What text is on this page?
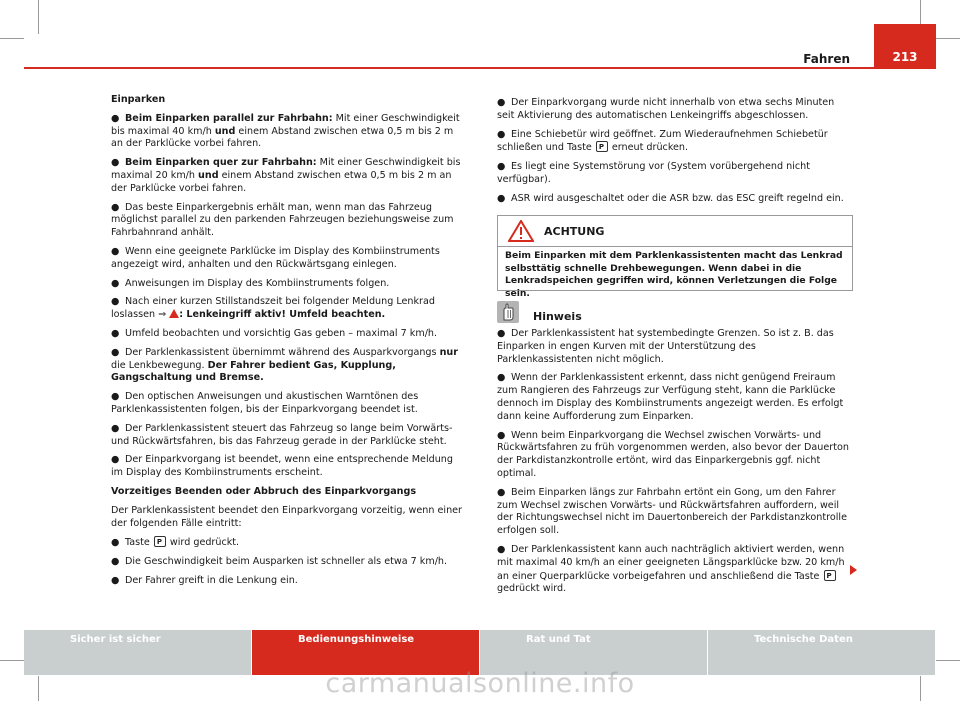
Fahren	213
Einparken
● Beim Einparken parallel zur Fahrbahn: Mit einer Geschwindigkeit bis maximal 40 km/h und einem Abstand zwischen etwa 0,5 m bis 2 m an der Parklücke vorbei fahren.
● Beim Einparken quer zur Fahrbahn: Mit einer Geschwindigkeit bis maximal 20 km/h und einem Abstand zwischen etwa 0,5 m bis 2 m an der Parklücke vorbei fahren.
● Das beste Einparkergebnis erhält man, wenn man das Fahrzeug möglichst parallel zu den parkenden Fahrzeugen beziehungsweise zum Fahrbahnrand anhält.
● Wenn eine geeignete Parklücke im Display des Kombiinstruments angezeigt wird, anhalten und den Rückwärtsgang einlegen.
● Anweisungen im Display des Kombiinstruments folgen.
● Nach einer kurzen Stillstandszeit bei folgender Meldung Lenkrad loslassen ⇒ : Lenkeingriff aktiv! Umfeld beachten.
● Umfeld beobachten und vorsichtig Gas geben – maximal 7 km/h.
● Der Parklenkassistent übernimmt während des Ausparkvorgangs nur die Lenkbewegung. Der Fahrer bedient Gas, Kupplung, Gangschaltung und Bremse.
● Den optischen Anweisungen und akustischen Warntönen des Parklenkassistenten folgen, bis der Einparkvorgang beendet ist.
● Der Parklenkassistent steuert das Fahrzeug so lange beim Vorwärts- und Rückwärtsfahren, bis das Fahrzeug gerade in der Parklücke steht.
● Der Einparkvorgang ist beendet, wenn eine entsprechende Meldung im Display des Kombiinstruments erscheint.
Vorzeitiges Beenden oder Abbruch des Einparkvorgangs
Der Parklenkassistent beendet den Einparkvorgang vorzeitig, wenn einer der folgenden Fälle eintritt:
● Taste P wird gedrückt.
● Die Geschwindigkeit beim Ausparken ist schneller als etwa 7 km/h.
● Der Fahrer greift in die Lenkung ein.
● Der Einparkvorgang wurde nicht innerhalb von etwa sechs Minuten seit Aktivierung des automatischen Lenkeingriffs abgeschlossen.
● Eine Schiebetür wird geöffnet. Zum Wiederaufnehmen Schiebetür schließen und Taste P erneut drücken.
● Es liegt eine Systemstörung vor (System vorübergehend nicht verfügbar).
● ASR wird ausgeschaltet oder die ASR bzw. das ESC greift regelnd ein.
ACHTUNG
Beim Einparken mit dem Parklenkassistenten macht das Lenkrad selbsttätig schnelle Drehbewegungen. Wenn dabei in die Lenkradspeichen gegriffen wird, können Verletzungen die Folge sein.
Hinweis
● Der Parklenkassistent hat systembedingte Grenzen. So ist z. B. das Einparken in engen Kurven mit der Unterstützung des Parklenkassistenten nicht möglich.
● Wenn der Parklenkassistent erkennt, dass nicht genügend Freiraum zum Rangieren des Fahrzeugs zur Verfügung steht, kann die Parklücke dennoch im Display des Kombiinstruments angezeigt werden. Es erfolgt dann keine Aufforderung zum Einparken.
● Wenn beim Einparkvorgang die Wechsel zwischen Vorwärts- und Rückwärtsfahren zu früh vorgenommen werden, also bevor der Dauerton der Parkdistanzkontrolle ertönt, wird das Einparkergebnis ggf. nicht optimal.
● Beim Einparken längs zur Fahrbahn ertönt ein Gong, um den Fahrer zum Wechsel zwischen Vorwärts- und Rückwärtsfahren auffordern, weil der Richtungswechsel nicht im Dauertonbereich der Parkdistanzkontrolle erfolgen soll.
● Der Parklenkassistent kann auch nachträglich aktiviert werden, wenn mit maximal 40 km/h an einer geeigneten Längsparklücke bzw. 20 km/h an einer Querparklücke vorbeigefahren und anschließend die Taste P gedrückt wird.
Sicher ist sicher	Bedienungshinweise	Rat und Tat	Technische Daten
carmanualsonline.info
